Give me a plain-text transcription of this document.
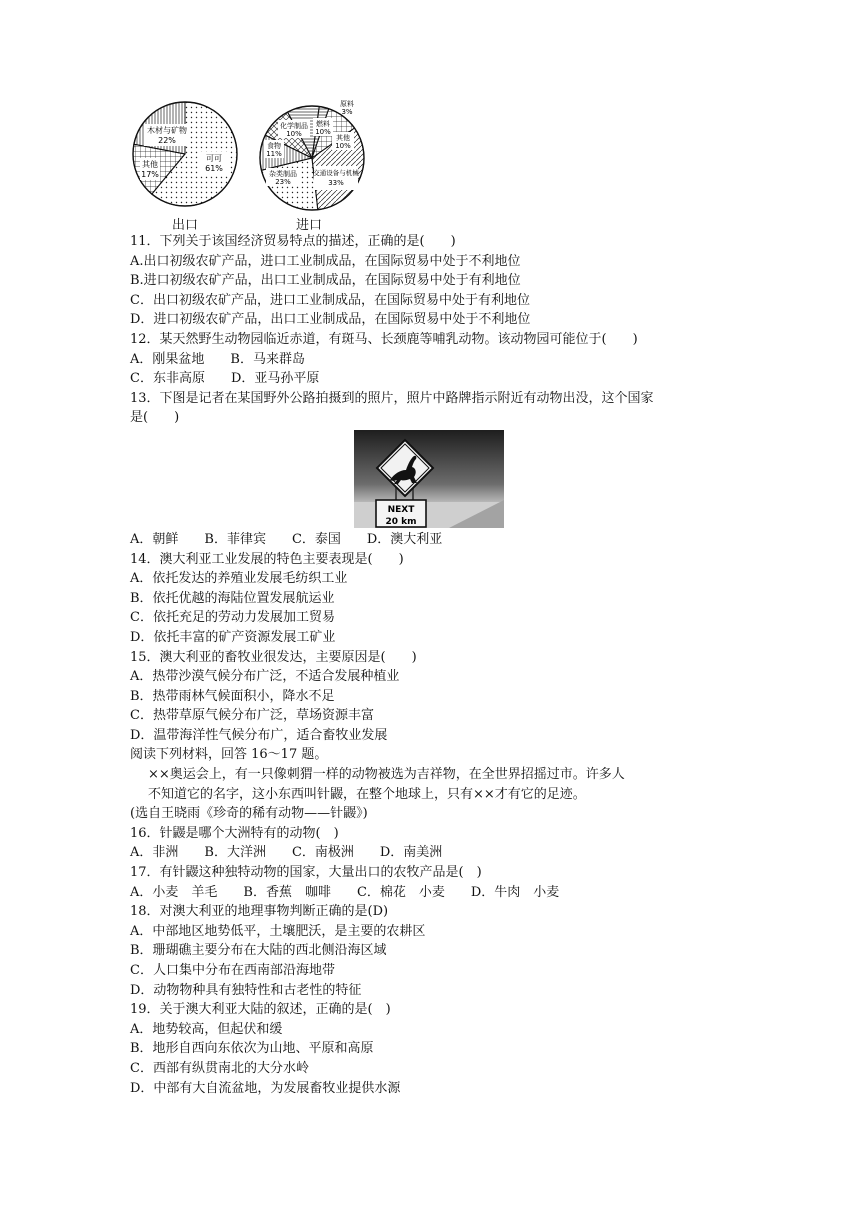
木材与矿物
22%
其他
17%
可可
61%
出口
原料
3%
燃料
10%
其他
10%
化学制品
10%
食物
11%
杂类制品
23%
交通设备与机械
33%
进口
11．下列关于该国经济贸易特点的描述，正确的是(　　)
A.出口初级农矿产品，进口工业制成品，在国际贸易中处于不利地位
B.进口初级农矿产品，出口工业制成品，在国际贸易中处于有利地位
C．出口初级农矿产品，进口工业制成品，在国际贸易中处于有利地位
D．进口初级农矿产品，出口工业制成品，在国际贸易中处于不利地位
12．某天然野生动物园临近赤道，有斑马、长颈鹿等哺乳动物。该动物园可能位于(　　)
A．刚果盆地　　B．马来群岛
C．东非高原　　D．亚马孙平原
13．下图是记者在某国野外公路拍摄到的照片，照片中路牌指示附近有动物出没，这个国家
是(　　)
NEXT
20 km
A．朝鲜　　B．菲律宾　　C．泰国　　D．澳大利亚
14．澳大利亚工业发展的特色主要表现是(　　)
A．依托发达的养殖业发展毛纺织工业
B．依托优越的海陆位置发展航运业
C．依托充足的劳动力发展加工贸易
D．依托丰富的矿产资源发展工矿业
15．澳大利亚的畜牧业很发达，主要原因是(　　)
A．热带沙漠气候分布广泛，不适合发展种植业
B．热带雨林气候面积小，降水不足
C．热带草原气候分布广泛，草场资源丰富
D．温带海洋性气候分布广，适合畜牧业发展
阅读下列材料，回答 16～17 题。
××奥运会上，有一只像刺猬一样的动物被选为吉祥物，在全世界招摇过市。许多人
不知道它的名字，这小东西叫针鼹，在整个地球上，只有××才有它的足迹。
(选自王晓雨《珍奇的稀有动物——针鼹》)
16．针鼹是哪个大洲特有的动物(　)
A．非洲　　B．大洋洲　　C．南极洲　　D．南美洲
17．有针鼹这种独特动物的国家，大量出口的农牧产品是(　)
A．小麦　羊毛　　B．香蕉　咖啡　　C．棉花　小麦　　D．牛肉　小麦
18．对澳大利亚的地理事物判断正确的是(D)
A．中部地区地势低平，土壤肥沃，是主要的农耕区
B．珊瑚礁主要分布在大陆的西北侧沿海区域
C．人口集中分布在西南部沿海地带
D．动物物种具有独特性和古老性的特征
19．关于澳大利亚大陆的叙述，正确的是(　)
A．地势较高，但起伏和缓
B．地形自西向东依次为山地、平原和高原
C．西部有纵贯南北的大分水岭
D．中部有大自流盆地，为发展畜牧业提供水源
